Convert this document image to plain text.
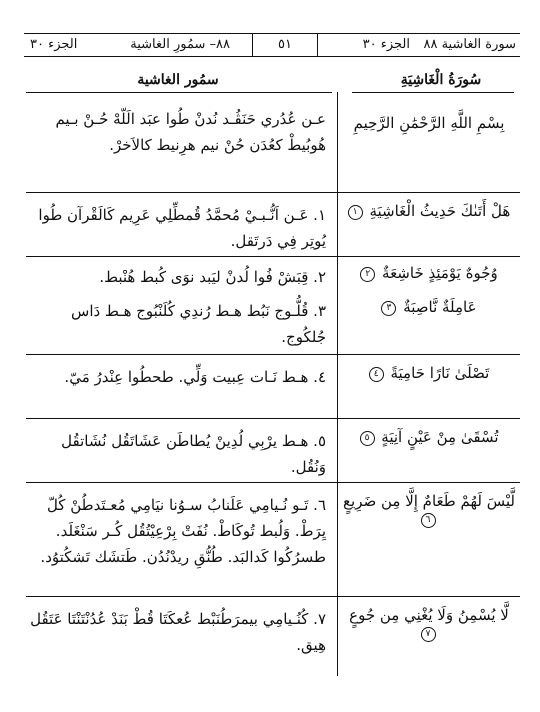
سورة الغاشية ٨٨
الجزء ٣٠
٥١
٨٨– سمُورِ الغاشية
الجزء ٣٠
سُورَةُ الْغَاشِيَةِ
سمُور الغاشية
بِسْمِ اللَّهِ الرَّحْمَٰنِ الرَّحِيمِ
عـن عُدُري حَنَڤُـد نُدنْ طُوا عبَد الَلّهْ حُـنْ بـيم هُوبُيطْ كعُدَن حُنْ نيم هرِنيط كالاَخرْ.
هَلْ أَتَىٰكَ حَدِيثُ الْغَاشِيَةِ ١
١. عَـن اَنُّـبـيْ مُحمَّدُ قُمطِّلِي عَرِيم كَالَقْرآن طُوا يُوتِر فِي دَرتَقل.
وُجُوهٌ يَوْمَئِذٍ خَاشِعَةٌ ٢
٢. قِبَشْ فُوا لُدنْ ليَبد نوَى كُبط هُنْبط.
عَامِلَةٌ نَّاصِبَةٌ ٣
٣. قُلُّـوج نَبُط هـط رُندِي كُلَنْبُوج هـط دَاس جُلكُوج.
تَصْلَىٰ نَارًا حَامِيَةً ٤
٤. هـط نَـات عِبيت وَلِّي. طحطُوا عِنْدرُ مَيّ.
تُسْقَىٰ مِنْ عَيْنٍ آنِيَةٍ ٥
٥. هـط يرْبِي لُدِينْ يُطاطَن عَشَاتَقُل نُشَاتقُل وَنُقُل.
لَّيْسَ لَهُمْ طَعَامٌ إِلَّا مِن ضَرِيعٍ ٦
٦. تَـو نُـيامِي عَلَنابُ سـوُنا نيَامِي مُعـتَدطُنْ كُلّ يِرَطْ. وَلُبط تُوكَاطْ. نُفَتْ بِرْعِيْتُقُل كُـر سَنْغَلَد. طسرُكُوا كَدالبَد. طُنُّقِ ريدْنُدُن. طَتشَك تَشكُتوُد.
لَّا يُسْمِنُ وَلَا يُغْنِي مِن جُوعٍ ٧
٧. كُنُـيامِي بيمرَطُنَبْط عُعكَتَا قُطْ بَنَدْ عُدُنْتَنْتَا عَتَقُل هِيق.
